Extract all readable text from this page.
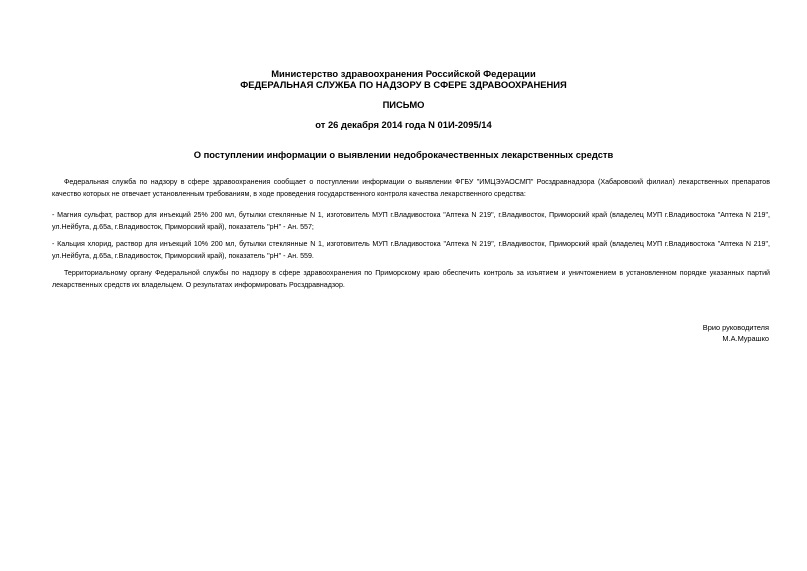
Министерство здравоохранения Российской Федерации
ФЕДЕРАЛЬНАЯ СЛУЖБА ПО НАДЗОРУ В СФЕРЕ ЗДРАВООХРАНЕНИЯ
ПИСЬМО
от 26 декабря 2014 года N 01И-2095/14
О поступлении информации о выявлении недоброкачественных лекарственных средств
Федеральная служба по надзору в сфере здравоохранения сообщает о поступлении информации о выявлении ФГБУ "ИМЦЭУАОСМП" Росздравнадзора (Хабаровский филиал) лекарственных препаратов качество которых не отвечает установленным требованиям, в ходе проведения государственного контроля качества лекарственного средства:
- Магния сульфат, раствор для инъекций 25% 200 мл, бутылки стеклянные N 1, изготовитель МУП г.Владивостока "Аптека N 219", г.Владивосток, Приморский край (владелец МУП г.Владивостока "Аптека N 219", ул.Нейбута, д.65а, г.Владивосток, Приморский край), показатель "pH" - Ан. 557;
- Кальция хлорид, раствор для инъекций 10% 200 мл, бутылки стеклянные N 1, изготовитель МУП г.Владивостока "Аптека N 219", г.Владивосток, Приморский край (владелец МУП г.Владивостока "Аптека N 219", ул.Нейбута, д.65а, г.Владивосток, Приморский край), показатель "pH" - Ан. 559.
Территориальному органу Федеральной службы по надзору в сфере здравоохранения по Приморскому краю обеспечить контроль за изъятием и уничтожением в установленном порядке указанных партий лекарственных средств их владельцем. О результатах информировать Росздравнадзор.
Врио руководителя
М.А.Мурашко
